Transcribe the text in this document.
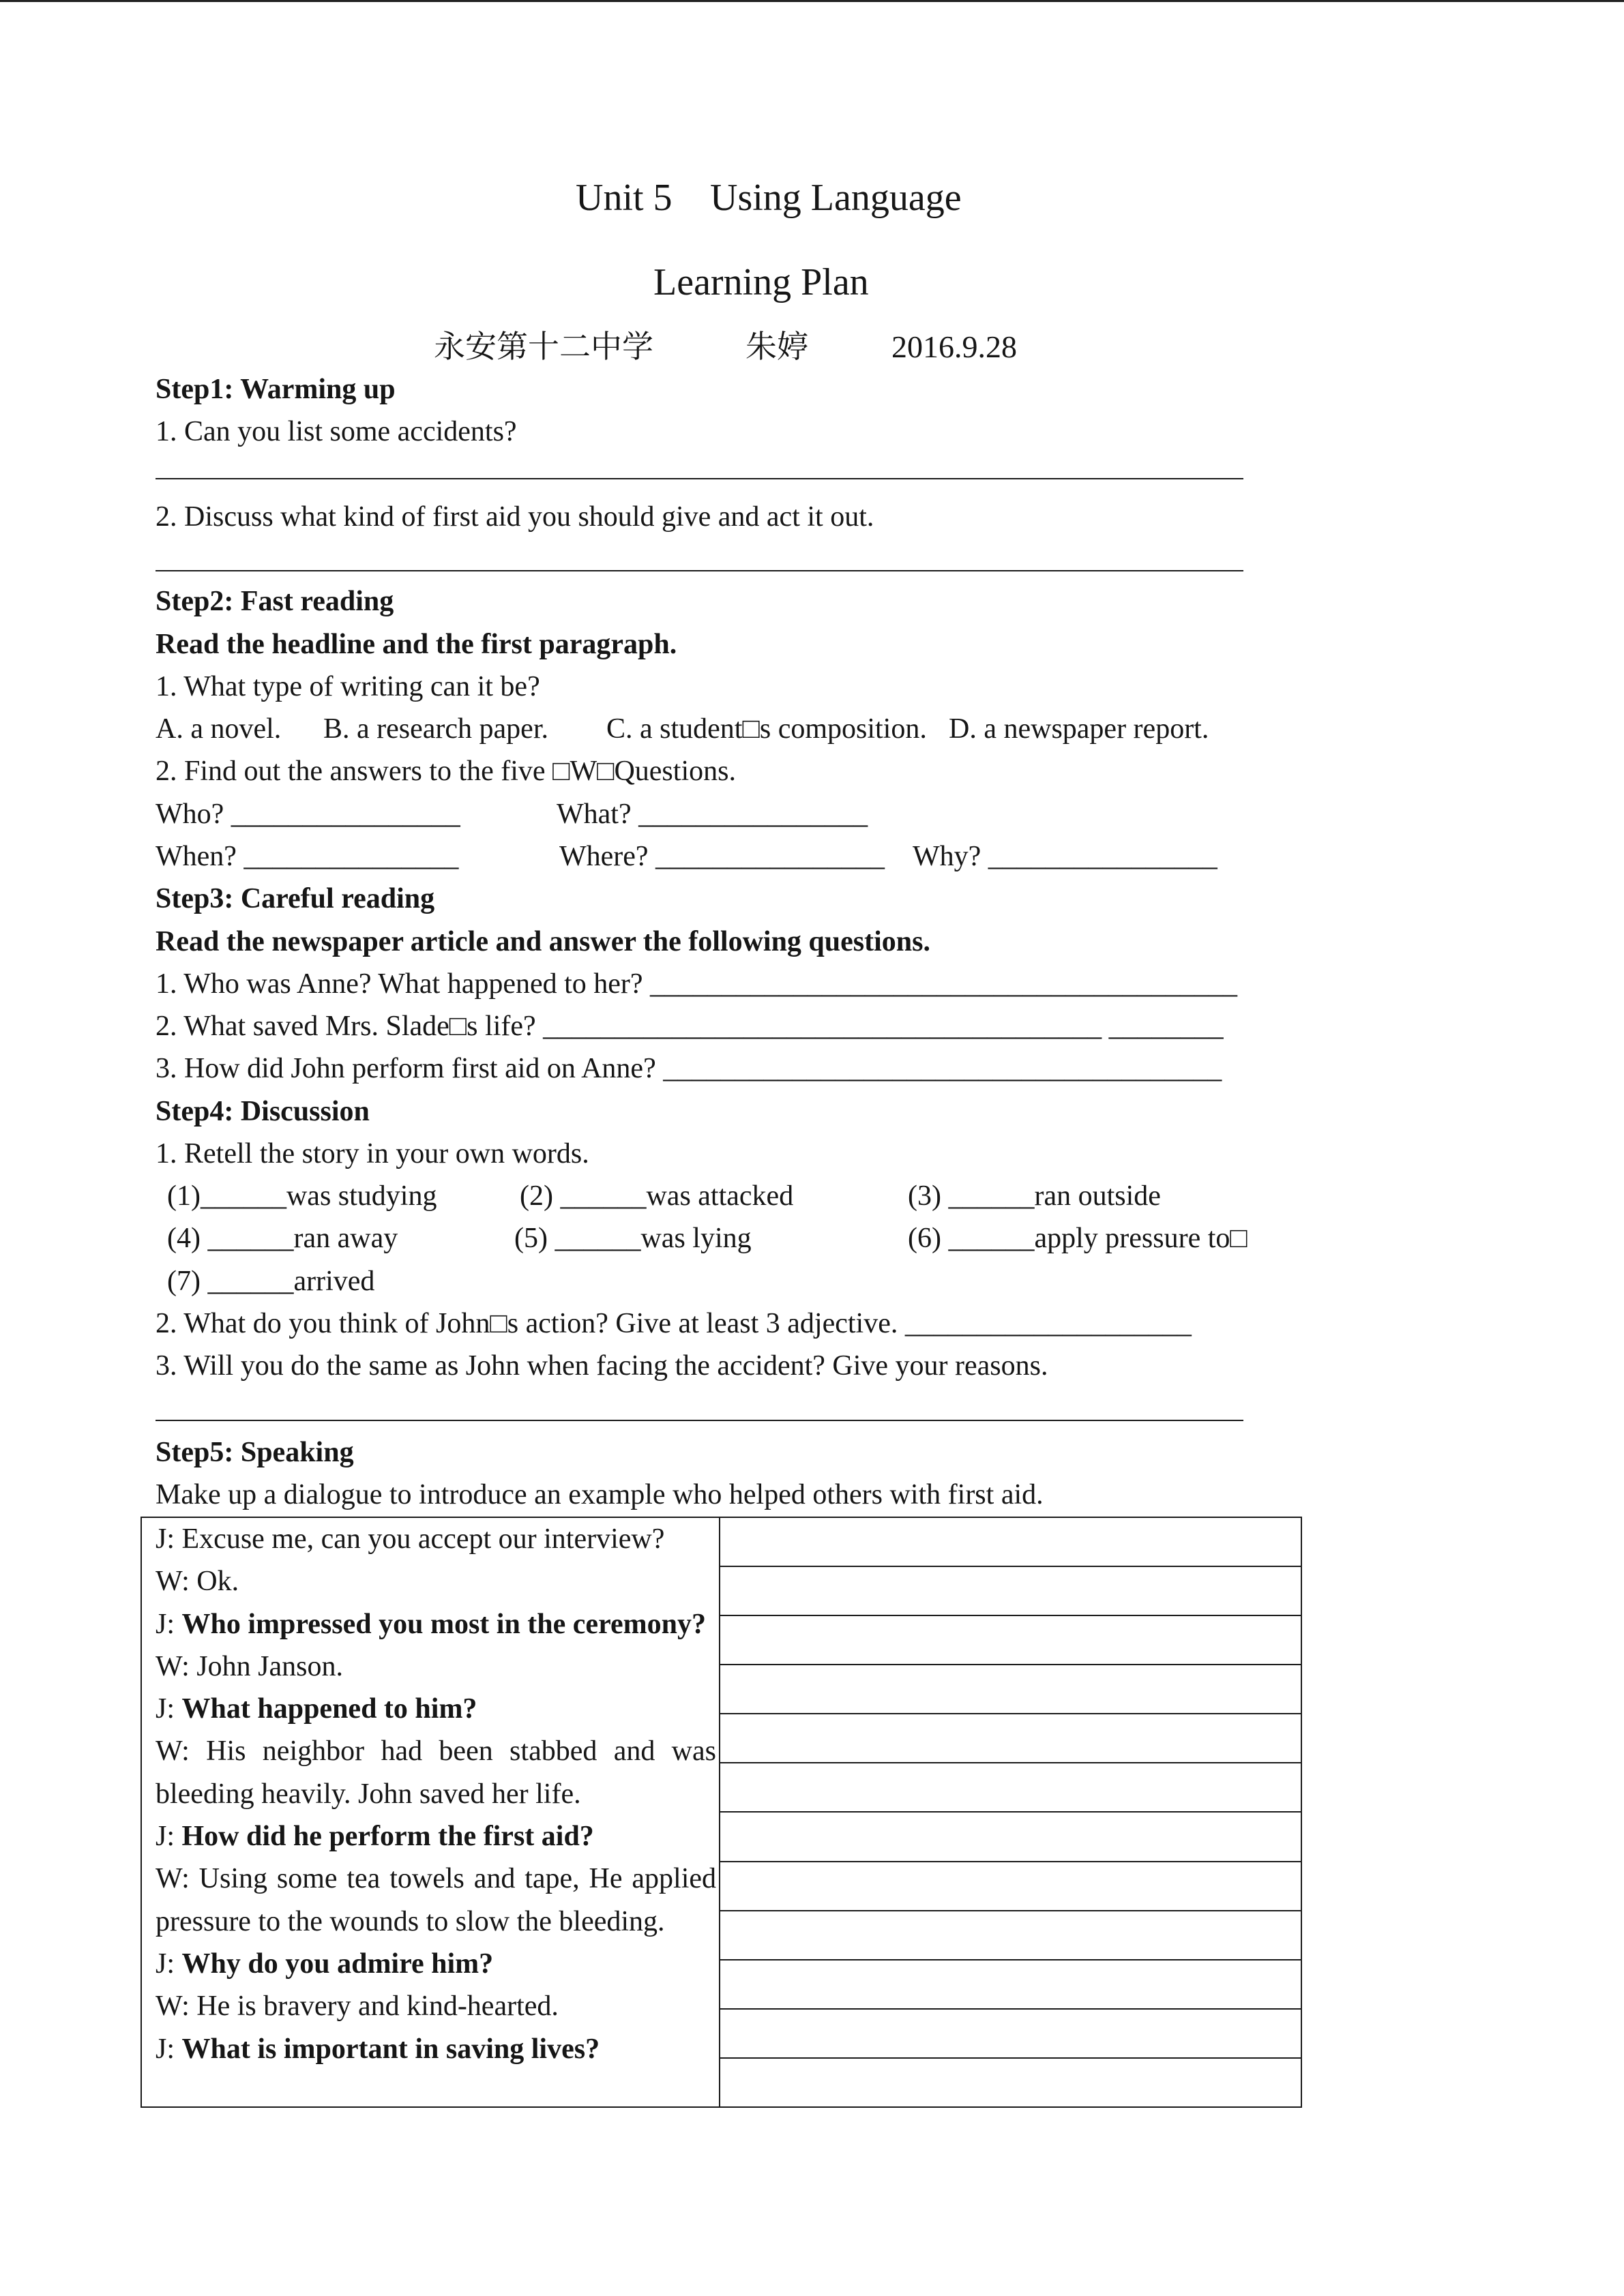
Unit 5 Using Language
Learning Plan
永安第十二中学	朱婷	2016.9.28
Step1: Warming up
1. Can you list some accidents?
2. Discuss what kind of first aid you should give and act it out.
Step2: Fast reading
Read the headline and the first paragraph.
1. What type of writing can it be?
A. a novel. B. a research paper. C. a student□s composition. D. a newspaper report.
2. Find out the answers to the five □W□Questions.
Who? ________________	What? ________________
When? _______________	Where? ________________ Why? ________________
Step3: Careful reading
Read the newspaper article and answer the following questions.
1. Who was Anne? What happened to her? _________________________________________
2. What saved Mrs. Slade□s life? _______________________________________ ________
3. How did John perform first aid on Anne? _______________________________________
Step4: Discussion
1. Retell the story in your own words.
(1)______was studying	(2) ______was attacked	(3) ______ran outside
(4) ______ran away	(5) ______was lying	(6) ______apply pressure to□
(7) ______arrived
2. What do you think of John□s action? Give at least 3 adjective. ____________________
3. Will you do the same as John when facing the accident? Give your reasons.
Step5: Speaking
Make up a dialogue to introduce an example who helped others with first aid.
J: Excuse me, can you accept our interview?
W: Ok.
J: Who impressed you most in the ceremony?
W: John Janson.
J: What happened to him?
W: His neighbor had been stabbed and was bleeding heavily. John saved her life.
J: How did he perform the first aid?
W: Using some tea towels and tape, He applied pressure to the wounds to slow the bleeding.
J: Why do you admire him?
W: He is bravery and kind-hearted.
J: What is important in saving lives?
